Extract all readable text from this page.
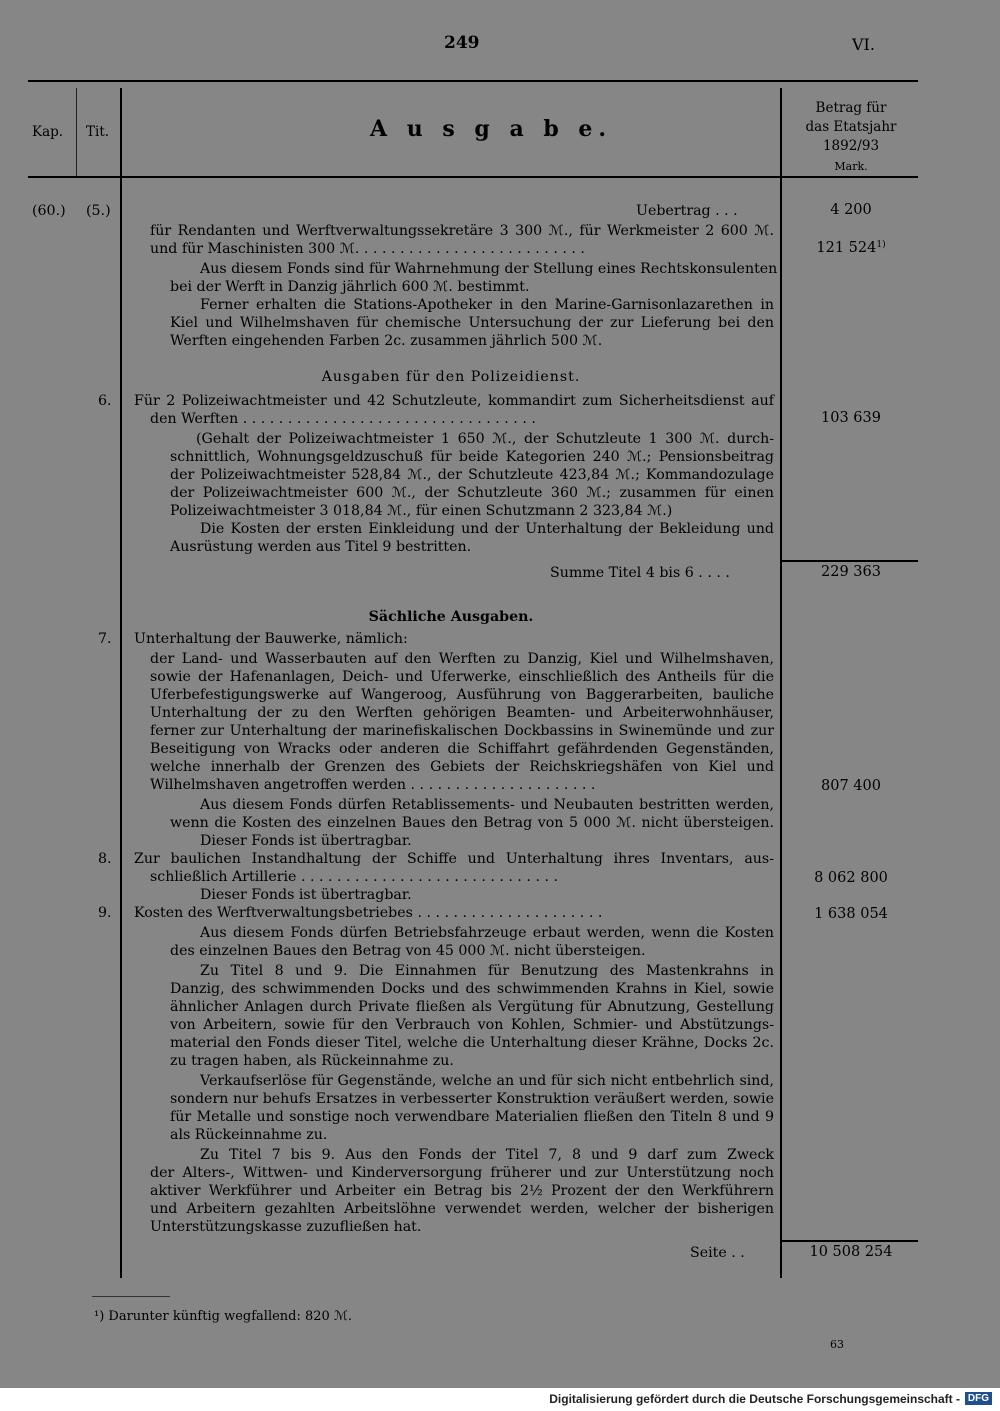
249	VI.
Kap. Tit.	A u s g a b e.
Betrag für
das Etatsjahr
1892/93
Mark.
(60.) (5.)	Uebertrag . . .	4 200
für Rendanten und Werftverwaltungssekretäre 3 300 ℳ., für Werkmeister 2 600 ℳ.
und für Maschinisten 300 ℳ. . . . . . . . . . . . . . . . . . . . . . . . . .	121 524$^{1)}$
Aus diesem Fonds sind für Wahrnehmung der Stellung eines Rechtskonsulenten
bei der Werft in Danzig jährlich 600 ℳ. bestimmt.
Ferner erhalten die Stations-Apotheker in den Marine-Garnisonlazarethen in
Kiel und Wilhelmshaven für chemische Untersuchung der zur Lieferung bei den
Werften eingehenden Farben 2c. zusammen jährlich 500 ℳ.
Ausgaben für den Polizeidienst.
6. Für 2 Polizeiwachtmeister und 42 Schutzleute, kommandirt zum Sicherheitsdienst auf
den Werften . . . . . . . . . . . . . . . . . . . . . . . . . . . . . . . . .	103 639
(Gehalt der Polizeiwachtmeister 1 650 ℳ., der Schutzleute 1 300 ℳ. durch-
schnittlich, Wohnungsgeldzuschuß für beide Kategorien 240 ℳ.; Pensionsbeitrag
der Polizeiwachtmeister 528,84 ℳ., der Schutzleute 423,84 ℳ.; Kommandozulage
der Polizeiwachtmeister 600 ℳ., der Schutzleute 360 ℳ.; zusammen für einen
Polizeiwachtmeister 3 018,84 ℳ., für einen Schutzmann 2 323,84 ℳ.)
Die Kosten der ersten Einkleidung und der Unterhaltung der Bekleidung und
Ausrüstung werden aus Titel 9 bestritten.
Summe Titel 4 bis 6 . . . .	229 363
Sächliche Ausgaben.
7. Unterhaltung der Bauwerke, nämlich:
der Land- und Wasserbauten auf den Werften zu Danzig, Kiel und Wilhelmshaven,
sowie der Hafenanlagen, Deich- und Uferwerke, einschließlich des Antheils für die
Uferbefestigungswerke auf Wangeroog, Ausführung von Baggerarbeiten, bauliche
Unterhaltung der zu den Werften gehörigen Beamten- und Arbeiterwohnhäuser,
ferner zur Unterhaltung der marinefiskalischen Dockbassins in Swinemünde und zur
Beseitigung von Wracks oder anderen die Schiffahrt gefährdenden Gegenständen,
welche innerhalb der Grenzen des Gebiets der Reichskriegshäfen von Kiel und
Wilhelmshaven angetroffen werden . . . . . . . . . . . . . . . . . . . . .	807 400
Aus diesem Fonds dürfen Retablissements- und Neubauten bestritten werden,
wenn die Kosten des einzelnen Baues den Betrag von 5 000 ℳ. nicht übersteigen.
Dieser Fonds ist übertragbar.
8. Zur baulichen Instandhaltung der Schiffe und Unterhaltung ihres Inventars, aus-
schließlich Artillerie . . . . . . . . . . . . . . . . . . . . . . . . . . . . .	8 062 800
Dieser Fonds ist übertragbar.
9. Kosten des Werftverwaltungsbetriebes . . . . . . . . . . . . . . . . . . . . .	1 638 054
Aus diesem Fonds dürfen Betriebsfahrzeuge erbaut werden, wenn die Kosten
des einzelnen Baues den Betrag von 45 000 ℳ. nicht übersteigen.
Zu Titel 8 und 9. Die Einnahmen für Benutzung des Mastenkrahns in
Danzig, des schwimmenden Docks und des schwimmenden Krahns in Kiel, sowie
ähnlicher Anlagen durch Private fließen als Vergütung für Abnutzung, Gestellung
von Arbeitern, sowie für den Verbrauch von Kohlen, Schmier- und Abstützungs-
material den Fonds dieser Titel, welche die Unterhaltung dieser Krähne, Docks 2c.
zu tragen haben, als Rückeinnahme zu.
Verkaufserlöse für Gegenstände, welche an und für sich nicht entbehrlich sind,
sondern nur behufs Ersatzes in verbesserter Konstruktion veräußert werden, sowie
für Metalle und sonstige noch verwendbare Materialien fließen den Titeln 8 und 9
als Rückeinnahme zu.
Zu Titel 7 bis 9. Aus den Fonds der Titel 7, 8 und 9 darf zum Zweck
der Alters-, Wittwen- und Kinderversorgung früherer und zur Unterstützung noch
aktiver Werkführer und Arbeiter ein Betrag bis 2½ Prozent der den Werkführern
und Arbeitern gezahlten Arbeitslöhne verwendet werden, welcher der bisherigen
Unterstützungskasse zuzufließen hat.
Seite . .	10 508 254
¹) Darunter künftig wegfallend: 820 ℳ.
63
Digitalisierung gefördert durch die Deutsche Forschungsgemeinschaft - DFG
